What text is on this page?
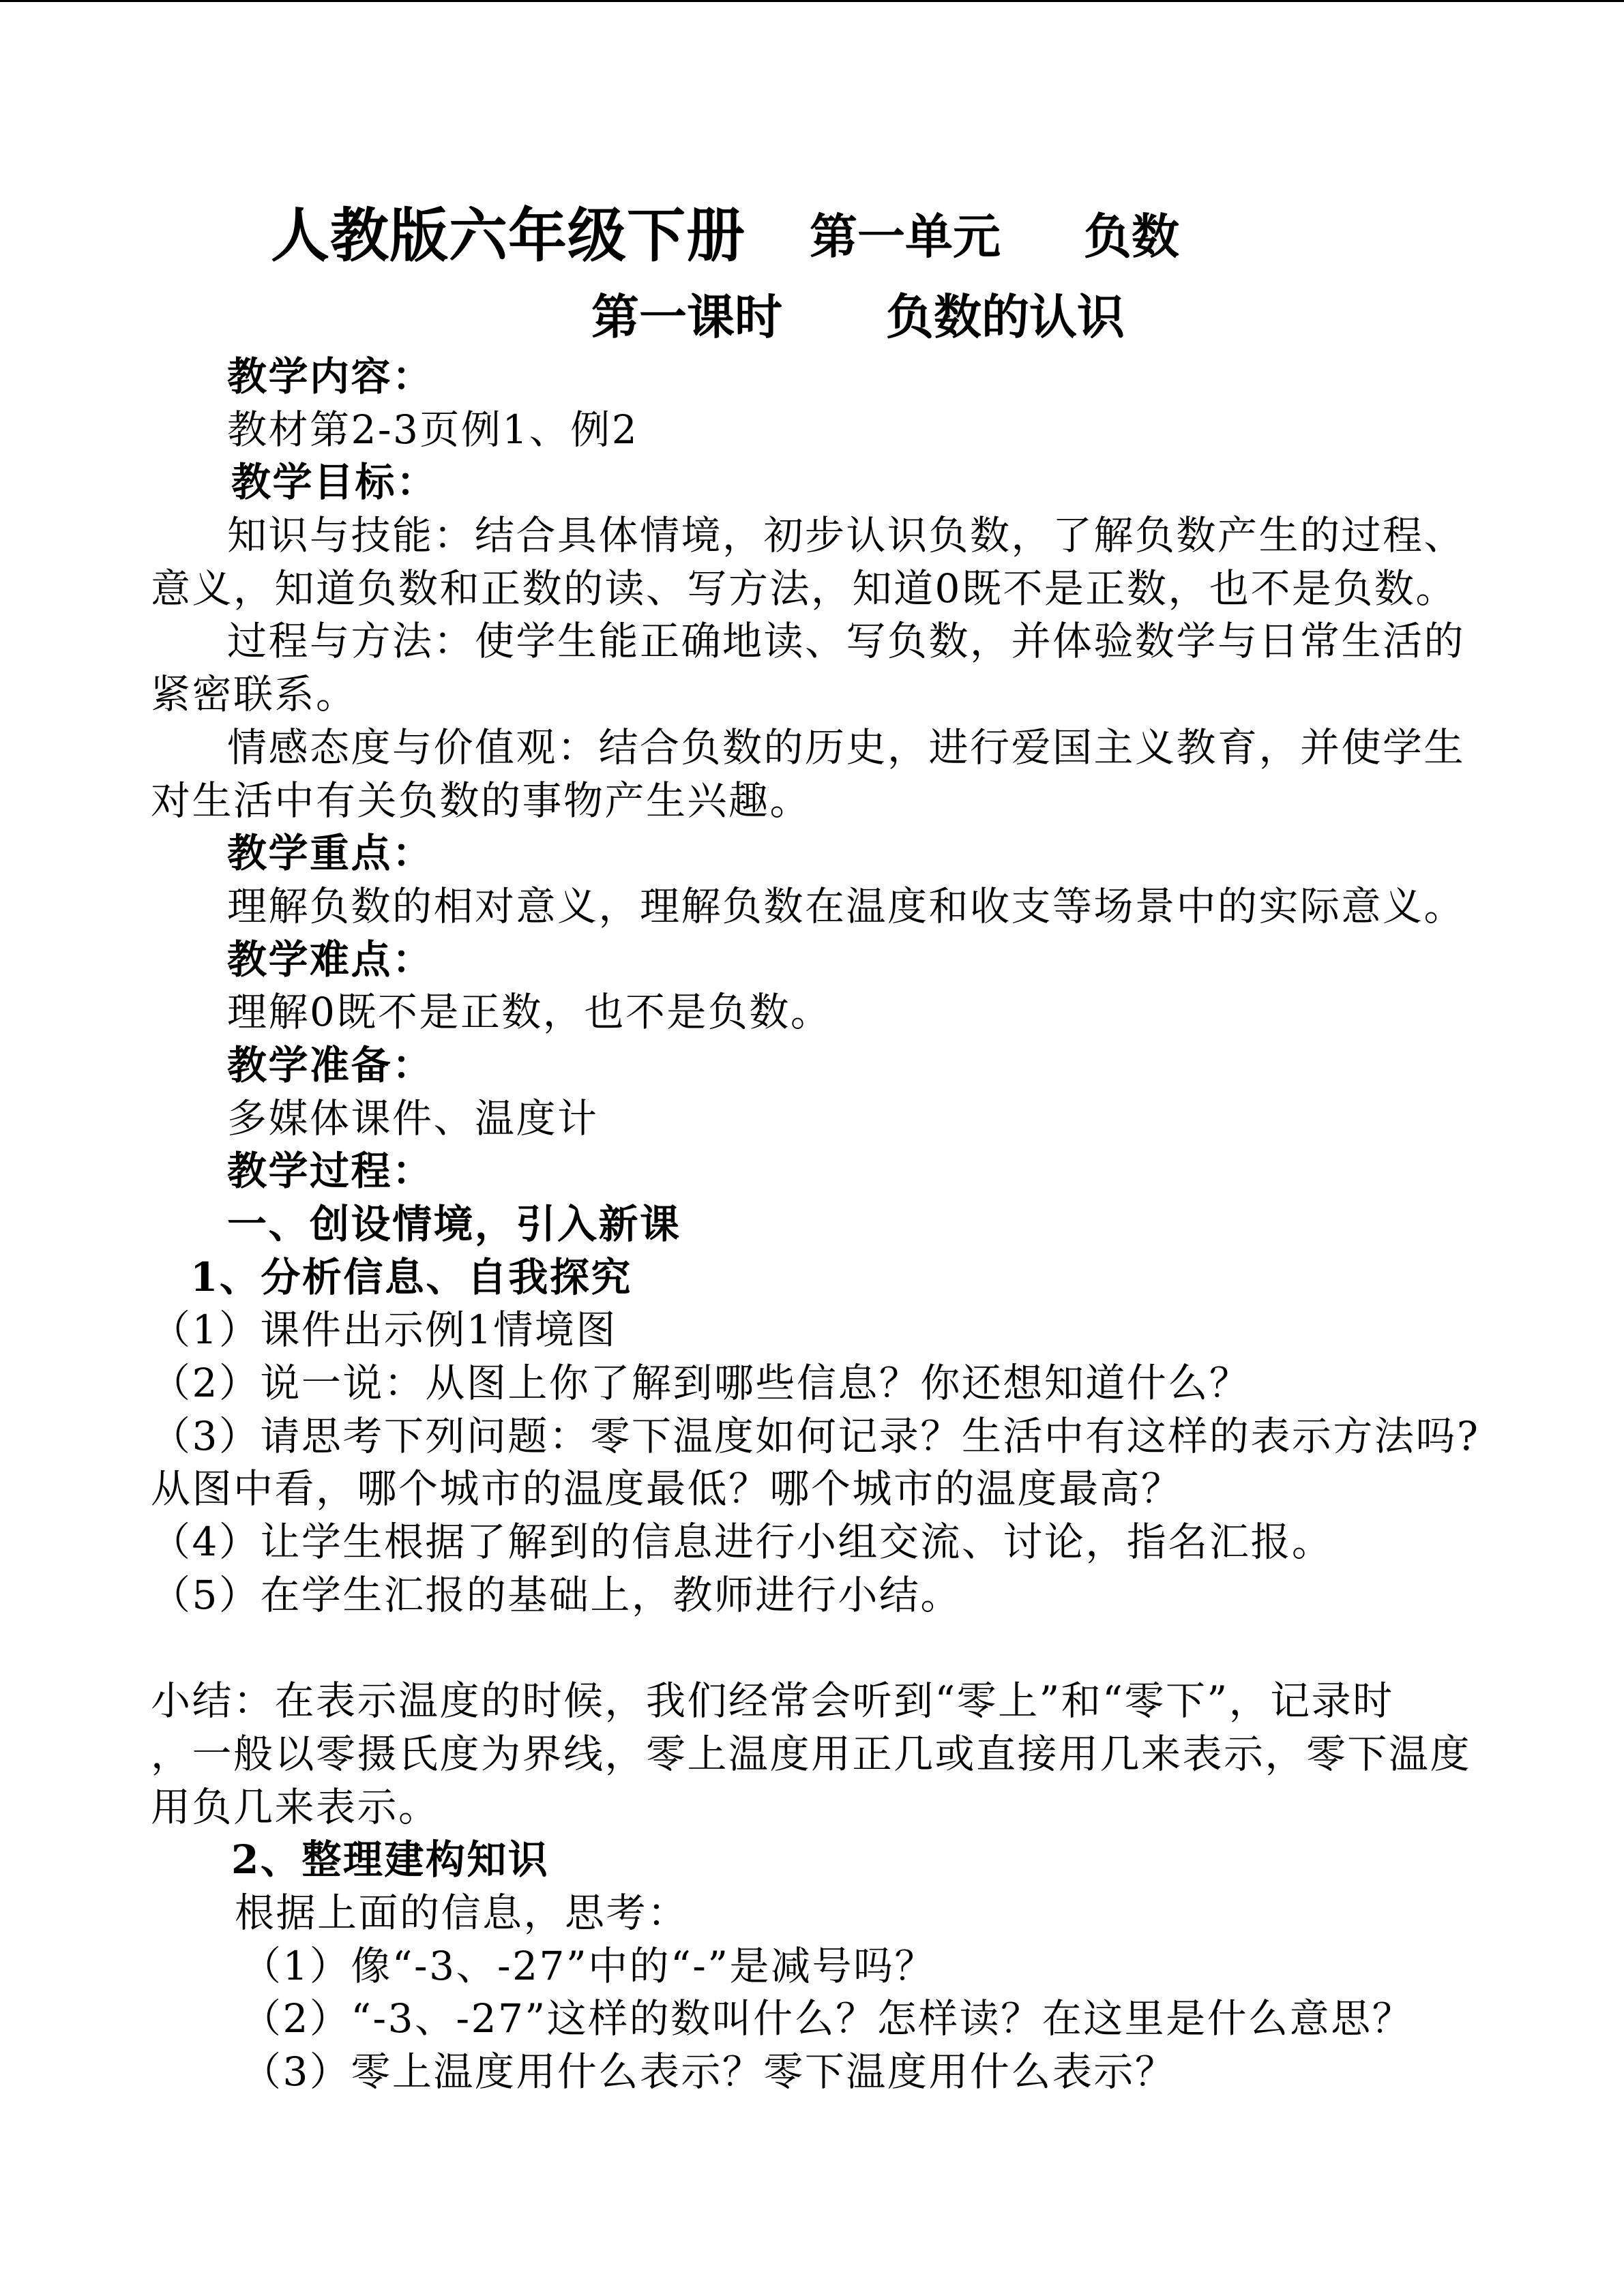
人教版六年级下册 第一单元 负数
第一课时 负数的认识
教学内容：
教材第2-3页例1、例2
教学目标：
知识与技能：结合具体情境，初步认识负数，了解负数产生的过程、
意义，知道负数和正数的读、写方法，知道0既不是正数，也不是负数。
过程与方法：使学生能正确地读、写负数，并体验数学与日常生活的
紧密联系。
情感态度与价值观：结合负数的历史，进行爱国主义教育，并使学生
对生活中有关负数的事物产生兴趣。
教学重点：
理解负数的相对意义，理解负数在温度和收支等场景中的实际意义。
教学难点：
理解0既不是正数，也不是负数。
教学准备：
多媒体课件、温度计
教学过程：
一、创设情境，引入新课
1、分析信息、自我探究
（1）课件出示例1情境图
（2）说一说：从图上你了解到哪些信息？你还想知道什么？
（3）请思考下列问题：零下温度如何记录？生活中有这样的表示方法吗?
从图中看，哪个城市的温度最低？哪个城市的温度最高？
（4）让学生根据了解到的信息进行小组交流、讨论，指名汇报。
（5）在学生汇报的基础上，教师进行小结。
小结：在表示温度的时候，我们经常会听到“零上”和“零下”，记录时
，一般以零摄氏度为界线，零上温度用正几或直接用几来表示，零下温度
用负几来表示。
2、整理建构知识
根据上面的信息，思考：
（1）像“-3、-27”中的“-”是减号吗？
（2）“-3、-27”这样的数叫什么？怎样读？在这里是什么意思？
（3）零上温度用什么表示？零下温度用什么表示？
